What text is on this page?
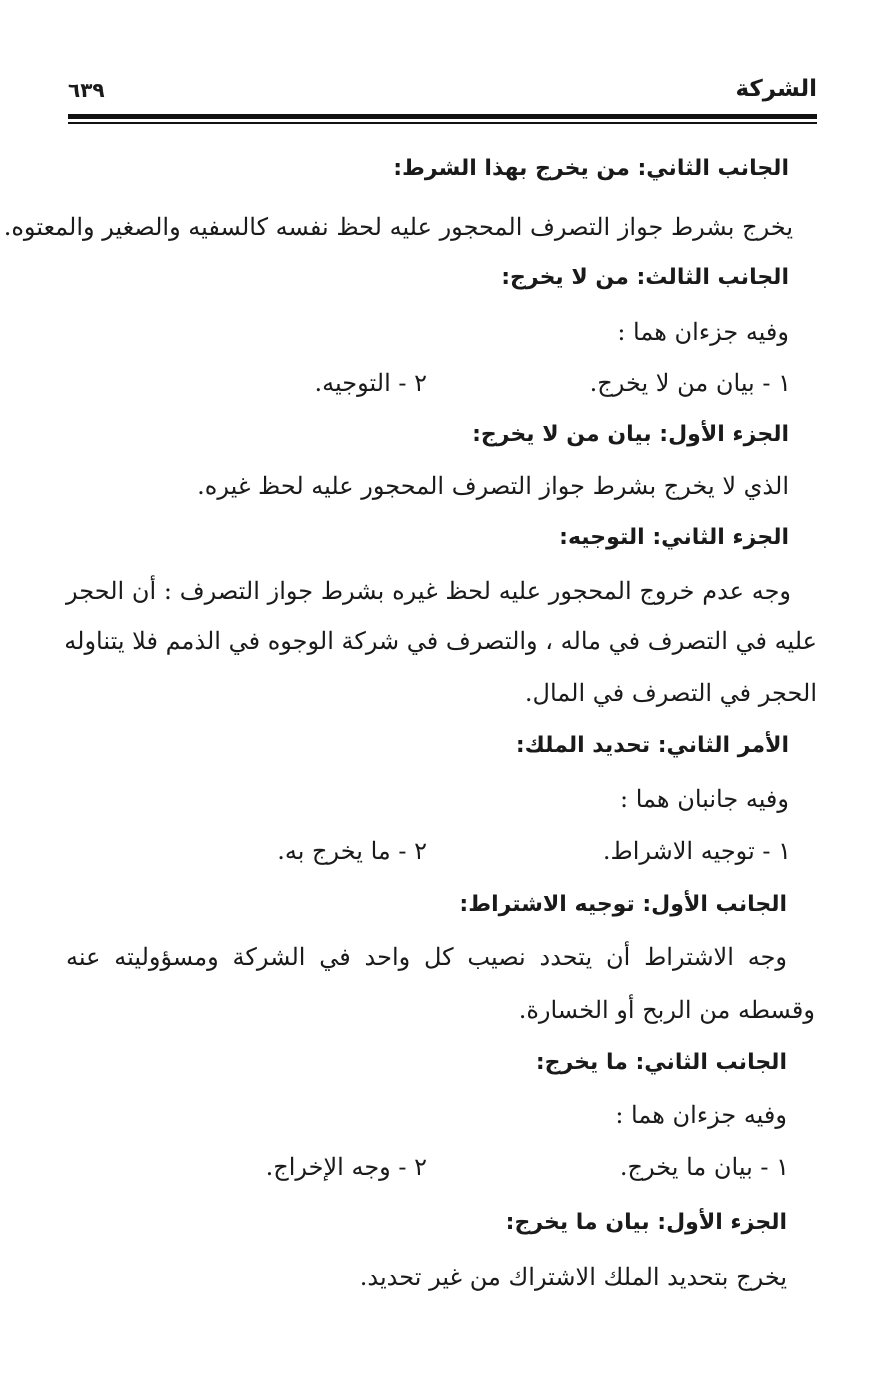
الشركة
٦٣٩
الجانب الثاني: من يخرج بهذا الشرط:
يخرج بشرط جواز التصرف المحجور عليه لحظ نفسه كالسفيه والصغير والمعتوه.
الجانب الثالث: من لا يخرج:
وفيه جزءان هما :
١ - بيان من لا يخرج.
٢ - التوجيه.
الجزء الأول: بيان من لا يخرج:
الذي لا يخرج بشرط جواز التصرف المحجور عليه لحظ غيره.
الجزء الثاني: التوجيه:
وجه عدم خروج المحجور عليه لحظ غيره بشرط جواز التصرف : أن الحجر
عليه في التصرف في ماله ، والتصرف في شركة الوجوه في الذمم فلا يتناوله
الحجر في التصرف في المال.
الأمر الثاني: تحديد الملك:
وفيه جانبان هما :
١ - توجيه الاشراط.
٢ - ما يخرج به.
الجانب الأول: توجيه الاشتراط:
وجه الاشتراط أن يتحدد نصيب كل واحد في الشركة ومسؤوليته عنه
وقسطه من الربح أو الخسارة.
الجانب الثاني: ما يخرج:
وفيه جزءان هما :
١ - بيان ما يخرج.
٢ - وجه الإخراج.
الجزء الأول: بيان ما يخرج:
يخرج بتحديد الملك الاشتراك من غير تحديد.
